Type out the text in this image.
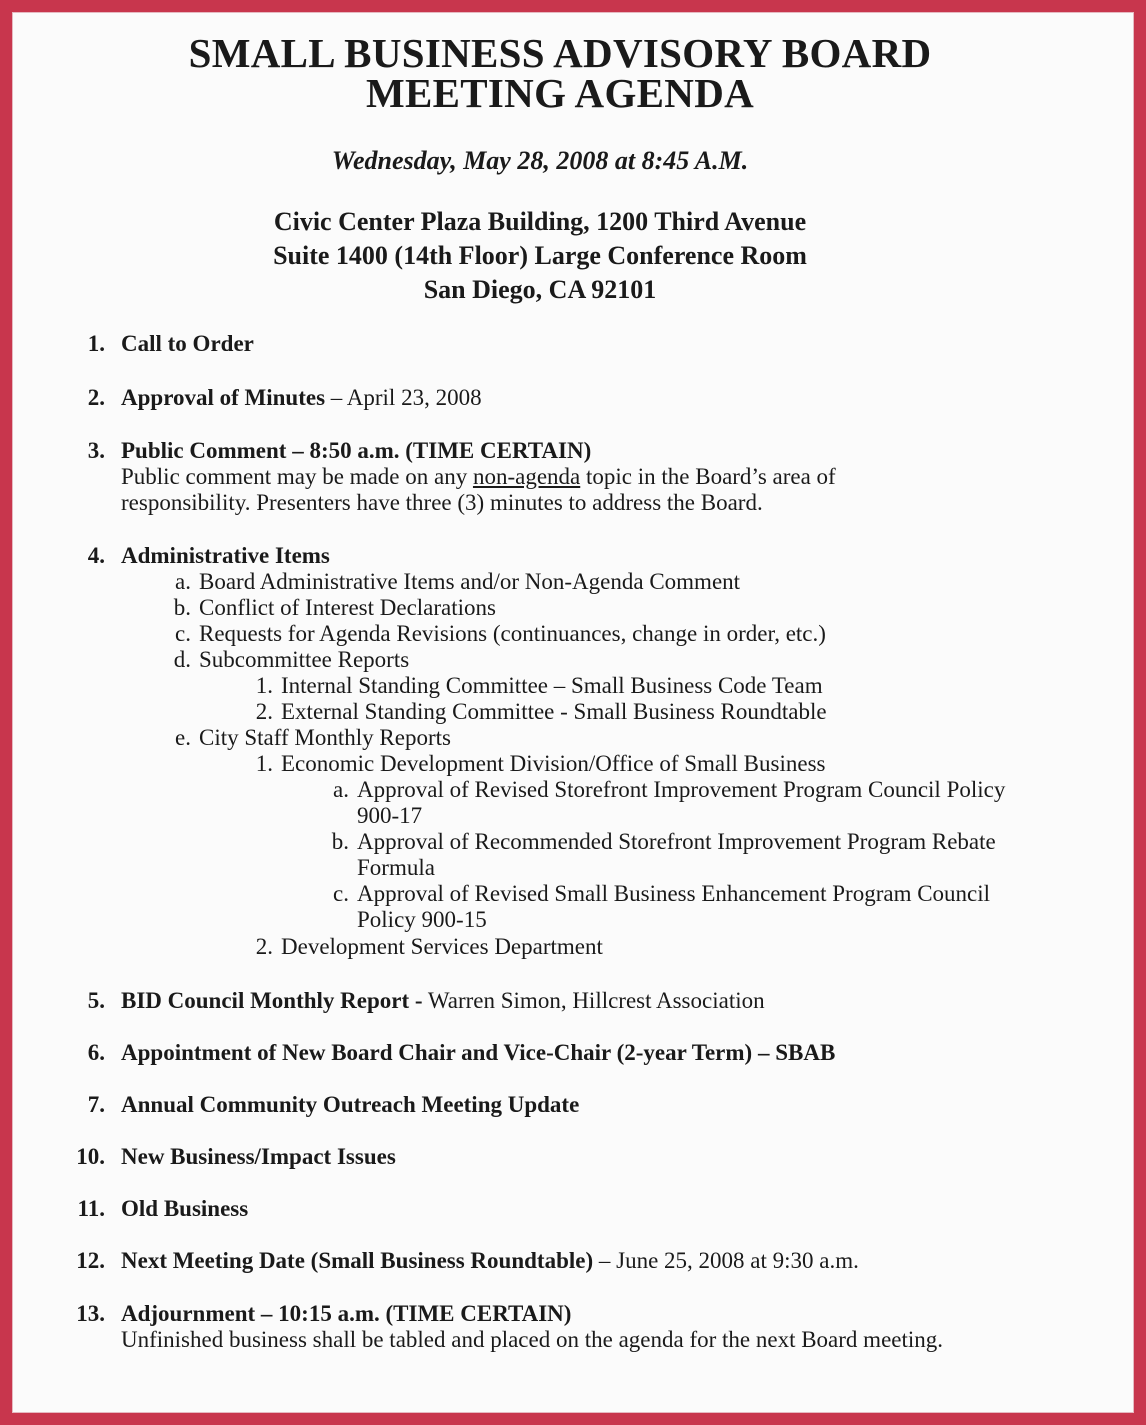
SMALL BUSINESS ADVISORY BOARD
MEETING AGENDA
Wednesday, May 28, 2008 at 8:45 A.M.
Civic Center Plaza Building, 1200 Third Avenue
Suite 1400 (14th Floor) Large Conference Room
San Diego, CA 92101
1. Call to Order
2. Approval of Minutes – April 23, 2008
3. Public Comment – 8:50 a.m. (TIME CERTAIN)
Public comment may be made on any non-agenda topic in the Board’s area of
responsibility. Presenters have three (3) minutes to address the Board.
4. Administrative Items
a. Board Administrative Items and/or Non-Agenda Comment
b. Conflict of Interest Declarations
c. Requests for Agenda Revisions (continuances, change in order, etc.)
d. Subcommittee Reports
1. Internal Standing Committee – Small Business Code Team
2. External Standing Committee - Small Business Roundtable
e. City Staff Monthly Reports
1. Economic Development Division/Office of Small Business
a. Approval of Revised Storefront Improvement Program Council Policy
900-17
b. Approval of Recommended Storefront Improvement Program Rebate
Formula
c. Approval of Revised Small Business Enhancement Program Council
Policy 900-15
2. Development Services Department
5. BID Council Monthly Report - Warren Simon, Hillcrest Association
6. Appointment of New Board Chair and Vice-Chair (2-year Term) – SBAB
7. Annual Community Outreach Meeting Update
10. New Business/Impact Issues
11. Old Business
12. Next Meeting Date (Small Business Roundtable) – June 25, 2008 at 9:30 a.m.
13. Adjournment – 10:15 a.m. (TIME CERTAIN)
Unfinished business shall be tabled and placed on the agenda for the next Board meeting.
